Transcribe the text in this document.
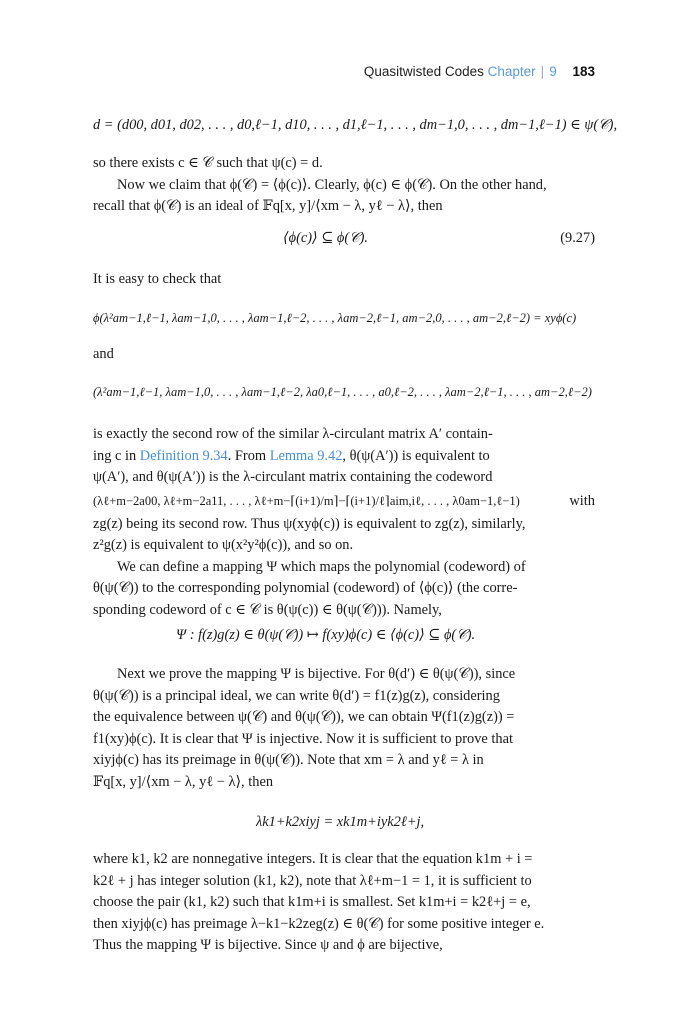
Quasitwisted Codes Chapter | 9 183
d = (d00, d01, d02, . . . , d0,ℓ−1, d10, . . . , d1,ℓ−1, . . . , dm−1,0, . . . , dm−1,ℓ−1) ∈ ψ(𝒞),

so there exists c ∈ 𝒞 such that ψ(c) = d.

Now we claim that ϕ(𝒞) = ⟨ϕ(c)⟩. Clearly, ϕ(c) ∈ ϕ(𝒞). On the other hand,

recall that ϕ(𝒞) is an ideal of 𝔽q[x, y]/⟨xm − λ, yℓ − λ⟩, then

⟨ϕ(c)⟩ ⊆ ϕ(𝒞).	(9.27)
It is easy to check that
ϕ(λ²am−1,ℓ−1, λam−1,0, . . . , λam−1,ℓ−2, . . . , λam−2,ℓ−1, am−2,0, . . . , am−2,ℓ−2) = xyϕ(c)
and
(λ²am−1,ℓ−1, λam−1,0, . . . , λam−1,ℓ−2, λa0,ℓ−1, . . . , a0,ℓ−2, . . . , λam−2,ℓ−1, . . . , am−2,ℓ−2)

is exactly the second row of the similar λ-circulant matrix A′ contain-

ing c in Definition 9.34. From Lemma 9.42, θ(ψ(A′)) is equivalent to

ψ(A′), and θ(ψ(A′)) is the λ-circulant matrix containing the codeword

(λℓ+m−2a00, λℓ+m−2a11, . . . , λℓ+m−⌈(i+1)/m⌉−⌈(i+1)/ℓ⌉aim,iℓ, . . . , λ0am−1,ℓ−1)	with

zg(z) being its second row. Thus ψ(xyϕ(c)) is equivalent to zg(z), similarly,

z²g(z) is equivalent to ψ(x²y²ϕ(c)), and so on.

We can define a mapping Ψ which maps the polynomial (codeword) of

θ(ψ(𝒞)) to the corresponding polynomial (codeword) of ⟨ϕ(c)⟩ (the corre-

sponding codeword of c ∈ 𝒞 is θ(ψ(c)) ∈ θ(ψ(𝒞))). Namely,

Ψ : f(z)g(z) ∈ θ(ψ(𝒞)) ↦ f(xy)ϕ(c) ∈ ⟨ϕ(c)⟩ ⊆ ϕ(𝒞).

Next we prove the mapping Ψ is bijective. For θ(d′) ∈ θ(ψ(𝒞)), since

θ(ψ(𝒞)) is a principal ideal, we can write θ(d′) = f1(z)g(z), considering

the equivalence between ψ(𝒞) and θ(ψ(𝒞)), we can obtain Ψ(f1(z)g(z)) =

f1(xy)ϕ(c). It is clear that Ψ is injective. Now it is sufficient to prove that

xiyjϕ(c) has its preimage in θ(ψ(𝒞)). Note that xm = λ and yℓ = λ in

𝔽q[x, y]/⟨xm − λ, yℓ − λ⟩, then

λk1+k2xiyj = xk1m+iyk2ℓ+j,

where k1, k2 are nonnegative integers. It is clear that the equation k1m + i =

k2ℓ + j has integer solution (k1, k2), note that λℓ+m−1 = 1, it is sufficient to

choose the pair (k1, k2) such that k1m+i is smallest. Set k1m+i = k2ℓ+j = e,

then xiyjϕ(c) has preimage λ−k1−k2zeg(z) ∈ θ(𝒞) for some positive integer e.

Thus the mapping Ψ is bijective. Since ψ and ϕ are bijective,
